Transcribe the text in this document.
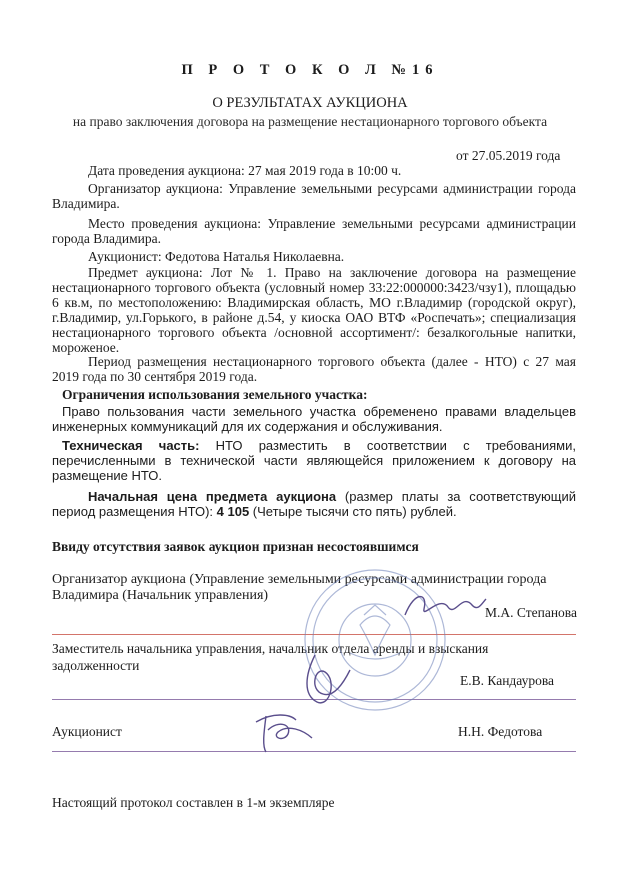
П Р О Т О К О Л №16
О РЕЗУЛЬТАТАХ АУКЦИОНА
на право заключения договора на размещение нестационарного торгового объекта
от 27.05.2019 года
Дата проведения аукциона: 27 мая 2019 года в 10:00 ч.
Организатор аукциона: Управление земельными ресурсами администрации города Владимира.
Место проведения аукциона: Управление земельными ресурсами администрации города Владимира.
Аукционист: Федотова Наталья Николаевна.
Предмет аукциона: Лот № 1. Право на заключение договора на размещение нестационарного торгового объекта (условный номер 33:22:000000:3423/чзу1), площадью 6 кв.м, по местоположению: Владимирская область, МО г.Владимир (городской округ), г.Владимир, ул.Горького, в районе д.54, у киоска ОАО ВТФ «Роспечать»; специализация нестационарного торгового объекта /основной ассортимент/: безалкогольные напитки, мороженое.
Период размещения нестационарного торгового объекта (далее - НТО) с 27 мая 2019 года по 30 сентября 2019 года.
Ограничения использования земельного участка:
Право пользования части земельного участка обременено правами владельцев инженерных коммуникаций для их содержания и обслуживания.
Техническая часть: НТО разместить в соответствии с требованиями, перечисленными в технической части являющейся приложением к договору на размещение НТО.
Начальная цена предмета аукциона (размер платы за соответствующий период размещения НТО): 4 105 (Четыре тысячи сто пять) рублей.
Ввиду отсутствия заявок аукцион признан несостоявшимся
Организатор аукциона (Управление земельными ресурсами администрации города Владимира (Начальник управления)
М.А. Степанова
Заместитель начальника управления, начальник отдела аренды и взыскания задолженности
Е.В. Кандаурова
Аукционист	Н.Н. Федотова
Настоящий протокол составлен в 1-м экземпляре
